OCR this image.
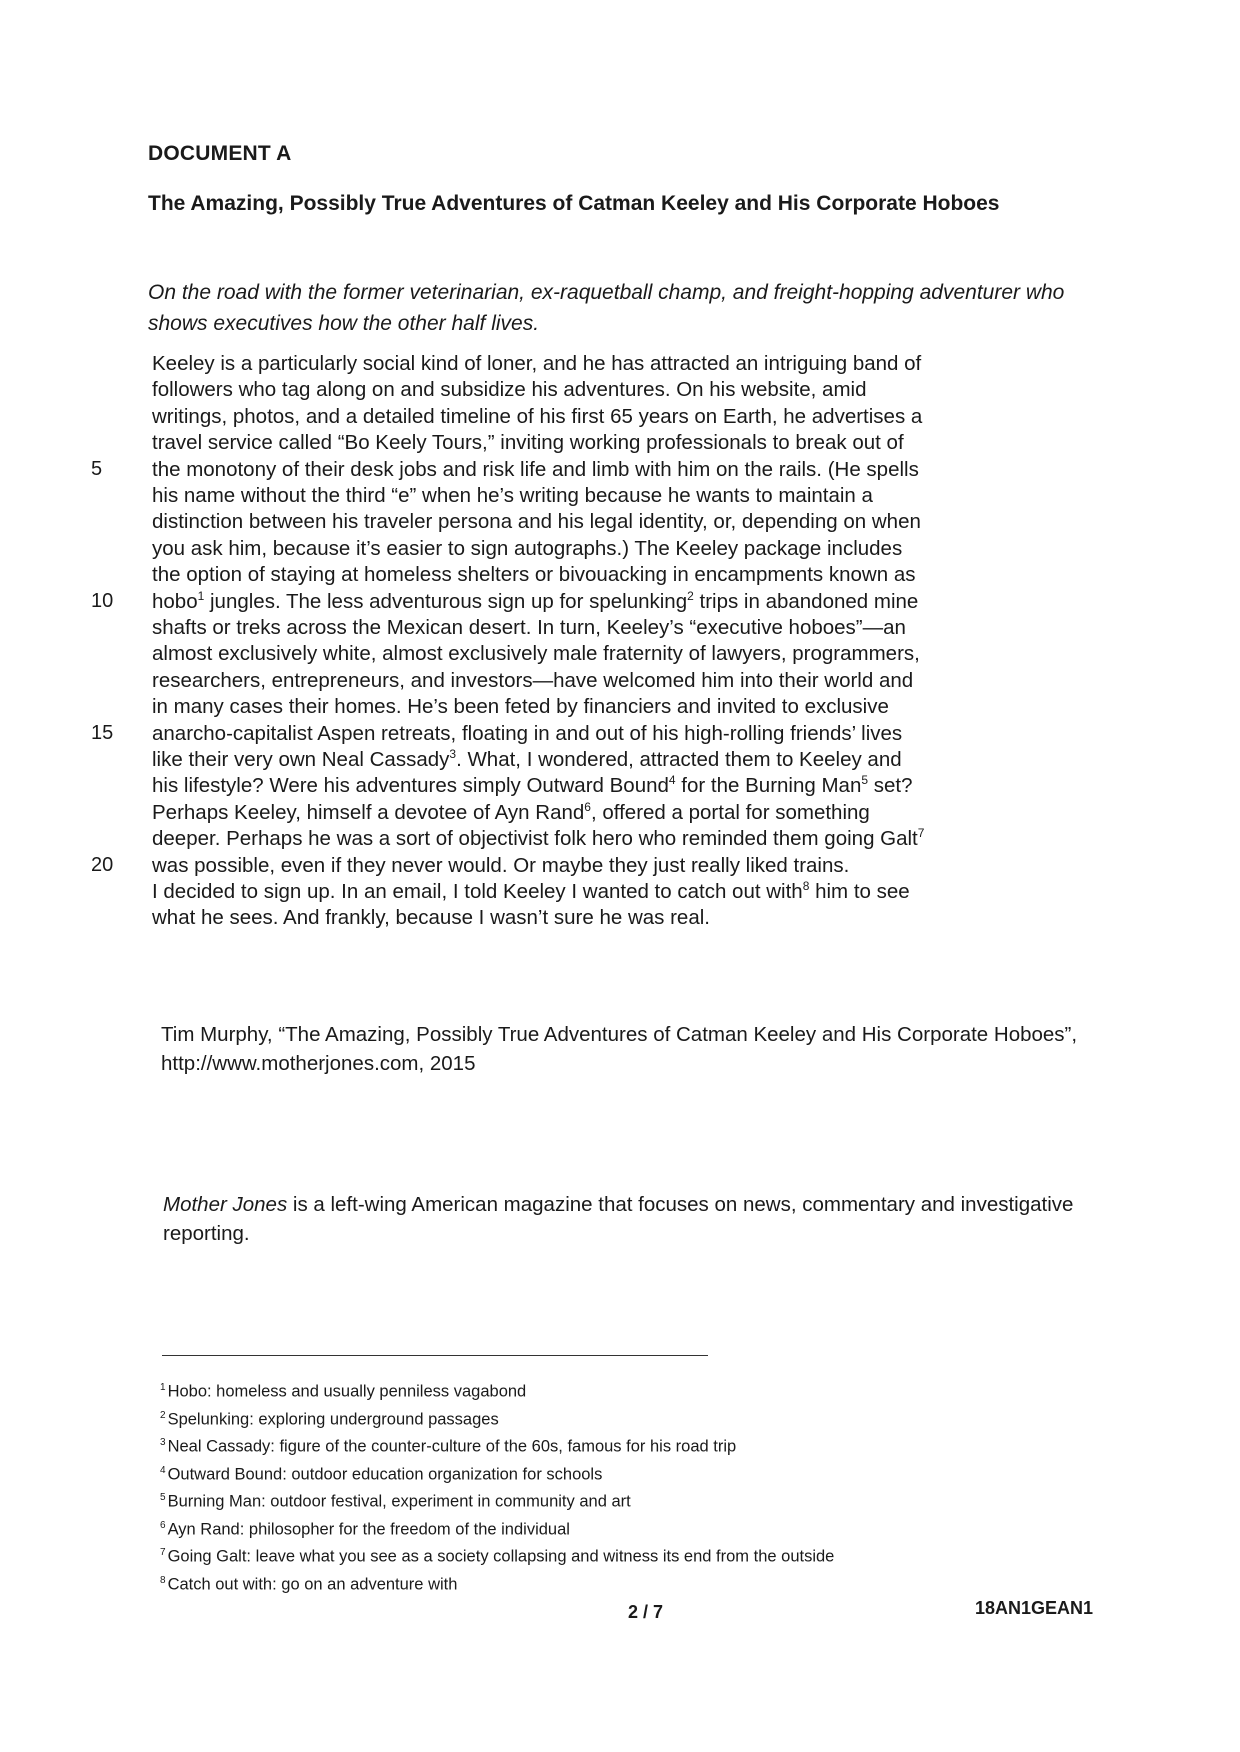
DOCUMENT A
The Amazing, Possibly True Adventures of Catman Keeley and His Corporate Hoboes
On the road with the former veterinarian, ex-raquetball champ, and freight-hopping adventurer who shows executives how the other half lives.
Keeley is a particularly social kind of loner, and he has attracted an intriguing band of
followers who tag along on and subsidize his adventures. On his website, amid
writings, photos, and a detailed timeline of his first 65 years on Earth, he advertises a
travel service called “Bo Keely Tours,” inviting working professionals to break out of
5	the monotony of their desk jobs and risk life and limb with him on the rails. (He spells
his name without the third “e” when he’s writing because he wants to maintain a
distinction between his traveler persona and his legal identity, or, depending on when
you ask him, because it’s easier to sign autographs.) The Keeley package includes
the option of staying at homeless shelters or bivouacking in encampments known as
10	hobo$^1$ jungles. The less adventurous sign up for spelunking$^2$ trips in abandoned mine
shafts or treks across the Mexican desert. In turn, Keeley’s “executive hoboes”—an
almost exclusively white, almost exclusively male fraternity of lawyers, programmers,
researchers, entrepreneurs, and investors—have welcomed him into their world and
in many cases their homes. He’s been feted by financiers and invited to exclusive
15	anarcho-capitalist Aspen retreats, floating in and out of his high-rolling friends’ lives
like their very own Neal Cassady$^3$. What, I wondered, attracted them to Keeley and
his lifestyle? Were his adventures simply Outward Bound$^4$ for the Burning Man$^5$ set?
Perhaps Keeley, himself a devotee of Ayn Rand$^6$, offered a portal for something
deeper. Perhaps he was a sort of objectivist folk hero who reminded them going Galt$^7$
20	was possible, even if they never would. Or maybe they just really liked trains.
I decided to sign up. In an email, I told Keeley I wanted to catch out with$^8$ him to see
what he sees. And frankly, because I wasn’t sure he was real.
Tim Murphy, “The Amazing, Possibly True Adventures of Catman Keeley and His Corporate Hoboes”, http://www.motherjones.com, 2015
Mother Jones is a left-wing American magazine that focuses on news, commentary and investigative reporting.
$^1$ Hobo: homeless and usually penniless vagabond
$^2$ Spelunking: exploring underground passages
$^3$ Neal Cassady: figure of the counter-culture of the 60s, famous for his road trip
$^4$ Outward Bound: outdoor education organization for schools
$^5$ Burning Man: outdoor festival, experiment in community and art
$^6$ Ayn Rand: philosopher for the freedom of the individual
$^7$ Going Galt: leave what you see as a society collapsing and witness its end from the outside
$^8$ Catch out with: go on an adventure with
2 / 7	18AN1GEAN1
